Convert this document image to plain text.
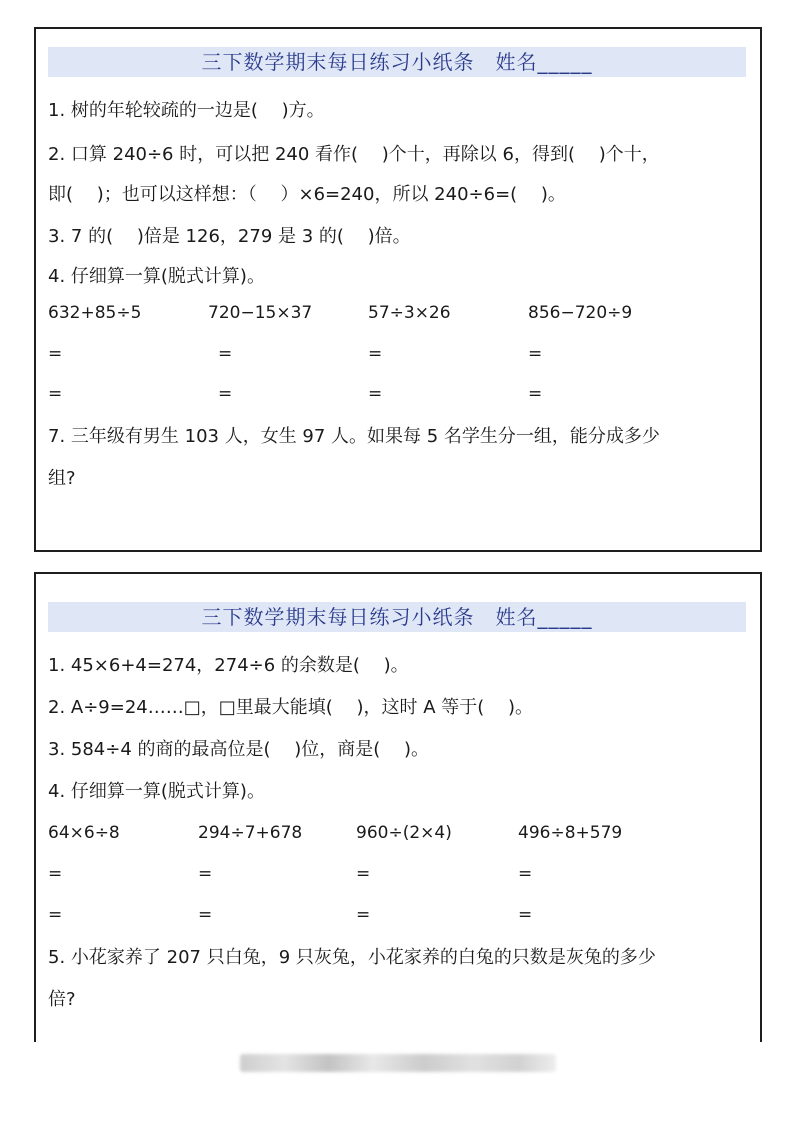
三下数学期末每日练习小纸条　姓名_____
1. 树的年轮较疏的一边是(　 )方。
2. 口算 240÷6 时，可以把 240 看作(　 )个十，再除以 6，得到(　 )个十，
即(　 )；也可以这样想：（　 ）×6=240，所以 240÷6=(　 )。
3. 7 的(　 )倍是 126，279 是 3 的(　 )倍。
4. 仔细算一算(脱式计算)。
632+85÷5	720−15×37	57÷3×26	856−720÷9
=	=	=	=
=	=	=	=
7. 三年级有男生 103 人，女生 97 人。如果每 5 名学生分一组，能分成多少
组?
三下数学期末每日练习小纸条　姓名_____
1. 45×6+4=274，274÷6 的余数是(　 )。
2. A÷9=24……□，□里最大能填(　 )，这时 A 等于(　 )。
3. 584÷4 的商的最高位是(　 )位，商是(　 )。
4. 仔细算一算(脱式计算)。
64×6÷8	294÷7+678	960÷(2×4)	496÷8+579
=	=	=	=
=	=	=	=
5. 小花家养了 207 只白兔，9 只灰兔，小花家养的白兔的只数是灰兔的多少
倍?
